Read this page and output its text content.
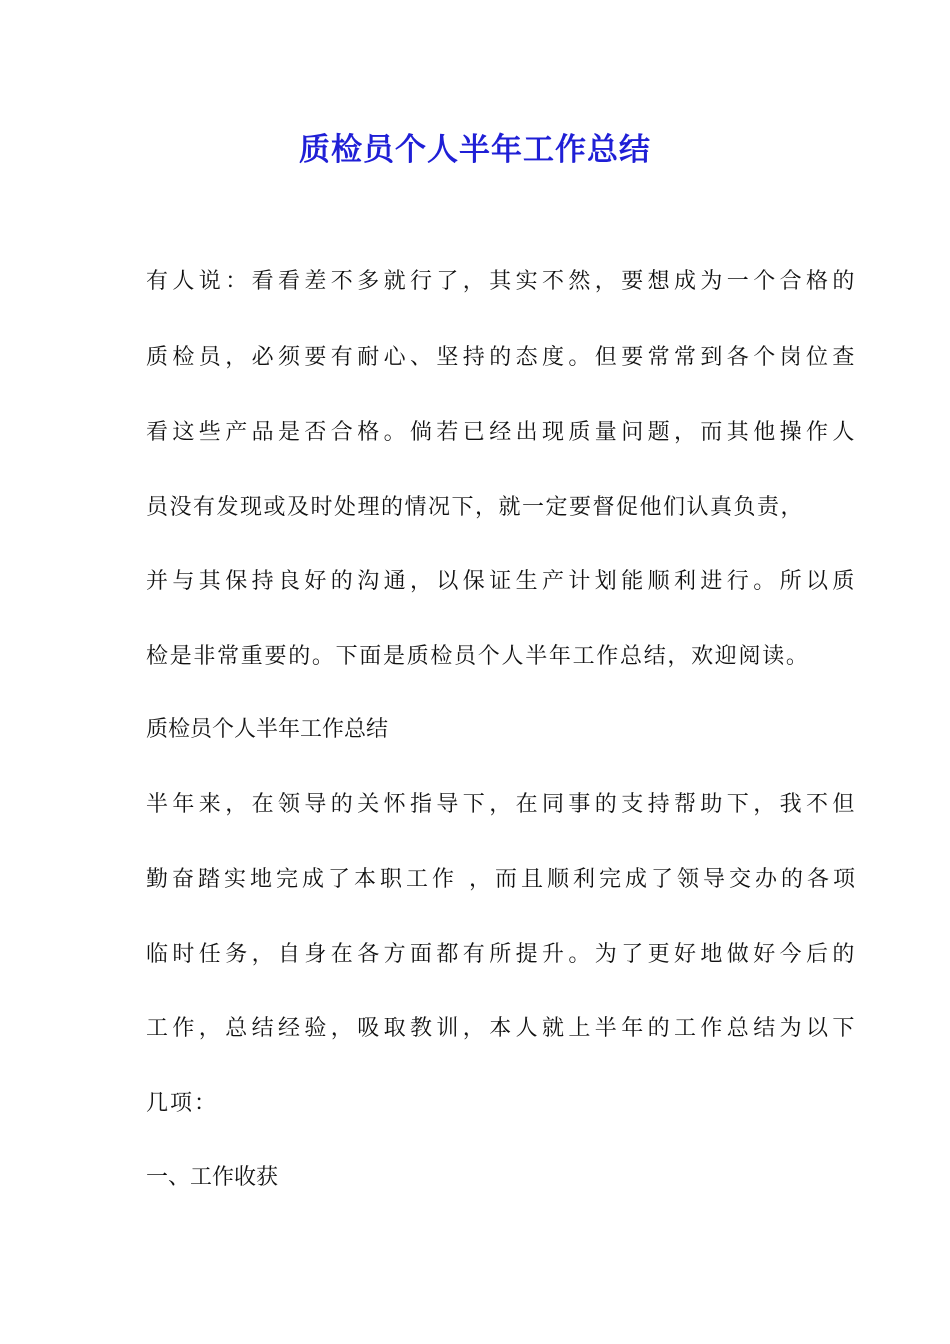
质检员个人半年工作总结
有人说：看看差不多就行了，其实不然，要想成为一个合格的
质检员，必须要有耐心、坚持的态度。但要常常到各个岗位查
看这些产品是否合格。倘若已经出现质量问题，而其他操作人
员没有发现或及时处理的情况下，就一定要督促他们认真负责，
并与其保持良好的沟通，以保证生产计划能顺利进行。所以质
检是非常重要的。下面是质检员个人半年工作总结，欢迎阅读。
质检员个人半年工作总结
半年来，在领导的关怀指导下，在同事的支持帮助下，我不但
勤奋踏实地完成了本职工作 ，而且顺利完成了领导交办的各项
临时任务，自身在各方面都有所提升。为了更好地做好今后的
工作，总结经验，吸取教训，本人就上半年的工作总结为以下
几项：
一、工作收获
